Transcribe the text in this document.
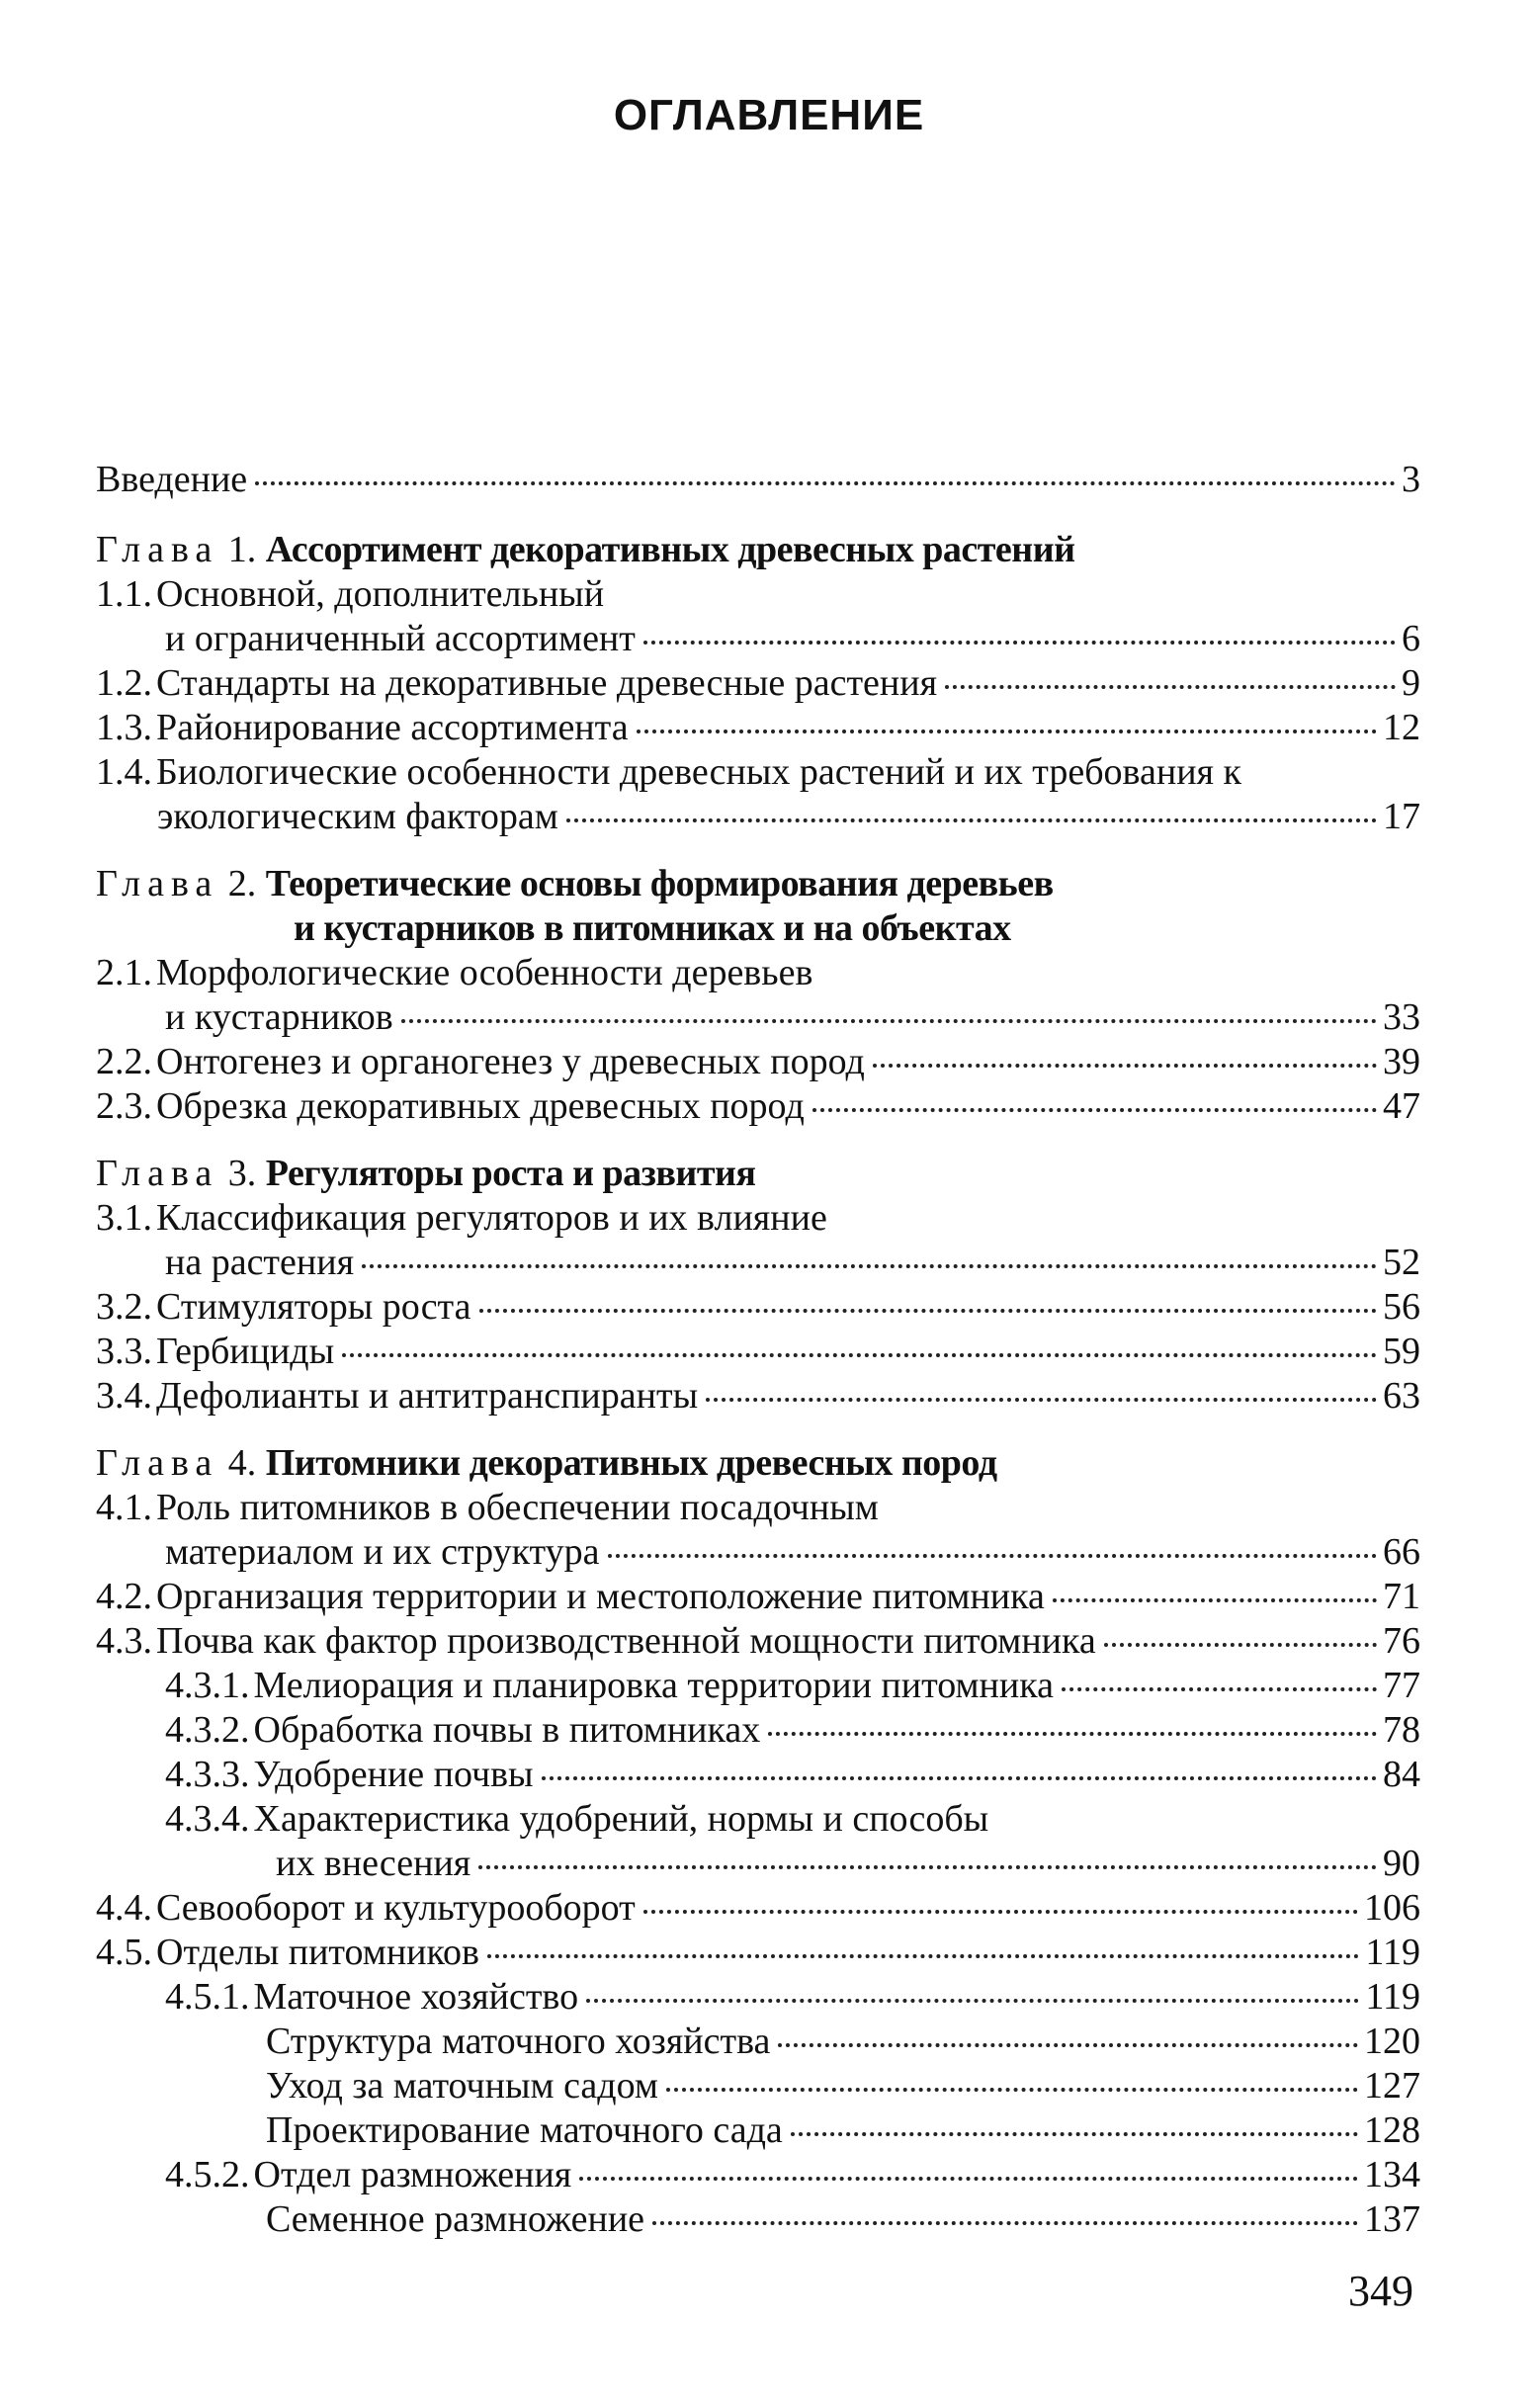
ОГЛАВЛЕНИЕ
Введение	3
Глава 1. Ассортимент декоративных древесных растений
1.1. Основной, дополнительный
и ограниченный ассортимент	6
1.2. Стандарты на декоративные древесные растения	9
1.3. Районирование ассортимента	12
1.4. Биологические особенности древесных растений и их требования к
экологическим факторам	17
Глава 2. Теоретические основы формирования деревьев
и кустарников в питомниках и на объектах
2.1. Морфологические особенности деревьев
и кустарников	33
2.2. Онтогенез и органогенез у древесных пород	39
2.3. Обрезка декоративных древесных пород	47
Глава 3. Регуляторы роста и развития
3.1. Классификация регуляторов и их влияние
на растения	52
3.2. Стимуляторы роста	56
3.3. Гербициды	59
3.4. Дефолианты и антитранспиранты	63
Глава 4. Питомники декоративных древесных пород
4.1. Роль питомников в обеспечении посадочным
материалом и их структура	66
4.2. Организация территории и местоположение питомника	71
4.3. Почва как фактор производственной мощности питомника	76
4.3.1. Мелиорация и планировка территории питомника	77
4.3.2. Обработка почвы в питомниках	78
4.3.3. Удобрение почвы	84
4.3.4. Характеристика удобрений, нормы и способы
их внесения	90
4.4. Севооборот и культурооборот	106
4.5. Отделы питомников	119
4.5.1. Маточное хозяйство	119
Структура маточного хозяйства	120
Уход за маточным садом	127
Проектирование маточного сада	128
4.5.2. Отдел размножения	134
Семенное размножение	137
349
